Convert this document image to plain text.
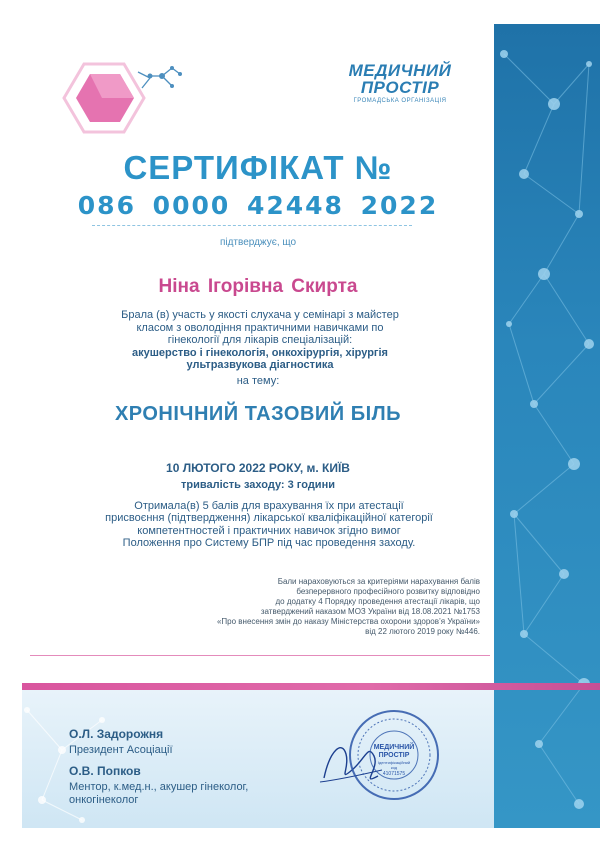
МЕДИЧНИЙ
ПРОСТІР
ГРОМАДСЬКА ОРГАНІЗАЦІЯ
СЕРТИФІКАТ №
086 0000 42448 2022
підтверджує, що
Ніна Ігорівна Скирта
Брала (в) участь у якості слухача у семінарі з майстер
класом з оволодіння практичними навичками по
гінекології для лікарів спеціалізацій:
акушерство і гінекологія, онкохірургія, хірургія
ультразвукова діагностика
на тему:
ХРОНІЧНИЙ ТАЗОВИЙ БІЛЬ
10 ЛЮТОГО 2022 РОКУ, м. КИЇВ
тривалість заходу: 3 години
Отримала(в) 5 балів для врахування їх при атестації
присвоєння (підтвердження) лікарської кваліфікаційної категорії
компетентностей і практичних навичок згідно вимог
Положення про Систему БПР під час проведення заходу.
Бали нараховуються за критеріями нарахування балів
безперервного професійного розвитку відповідно
до додатку 4 Порядку проведення атестації лікарів, що
затверджений наказом МОЗ України від 18.08.2021 №1753
«Про внесення змін до наказу Міністерства охорони здоров’я України»
від 22 лютого 2019 року №446.
О.Л. Задорожня
Президент Асоціації
О.В. Попков
Ментор, к.мед.н., акушер гінеколог,
онкогінеколог
МЕДИЧНИЙ
ПРОСТІР
Ідентифікаційний
код
41071575
